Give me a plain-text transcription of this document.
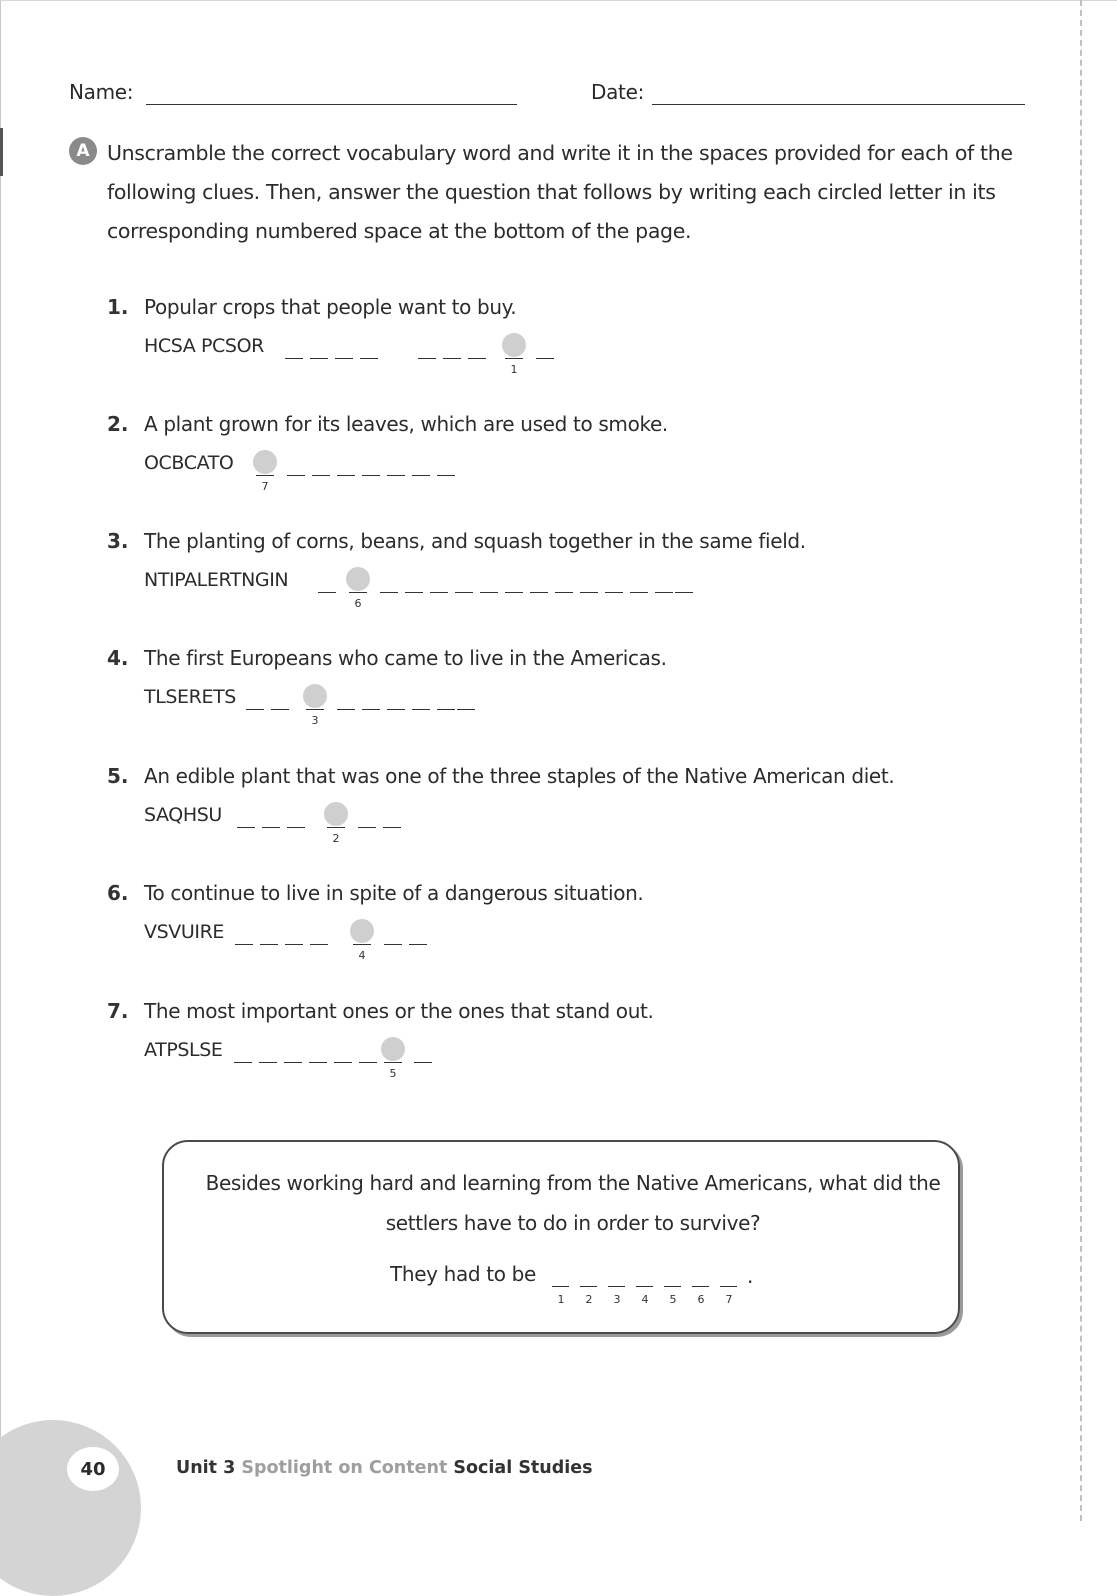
Name:	Date:
A Unscramble the correct vocabulary word and write it in the spaces provided for each of the following clues. Then, answer the question that follows by writing each circled letter in its corresponding numbered space at the bottom of the page.
1. Popular crops that people want to buy.
HCSA PCSOR
1
2. A plant grown for its leaves, which are used to smoke.
OCBCATO
7
3. The planting of corns, beans, and squash together in the same field.
NTIPALERTNGIN
6
4. The first Europeans who came to live in the Americas.
TLSERETS
3
5. An edible plant that was one of the three staples of the Native American diet.
SAQHSU
2
6. To continue to live in spite of a dangerous situation.
VSVUIRE
4
7. The most important ones or the ones that stand out.
ATPSLSE
5
Besides working hard and learning from the Native Americans, what did the settlers have to do in order to survive?
They had to be	.
1 2 3 4 5 6 7
40	Unit 3 Spotlight on Content Social Studies
